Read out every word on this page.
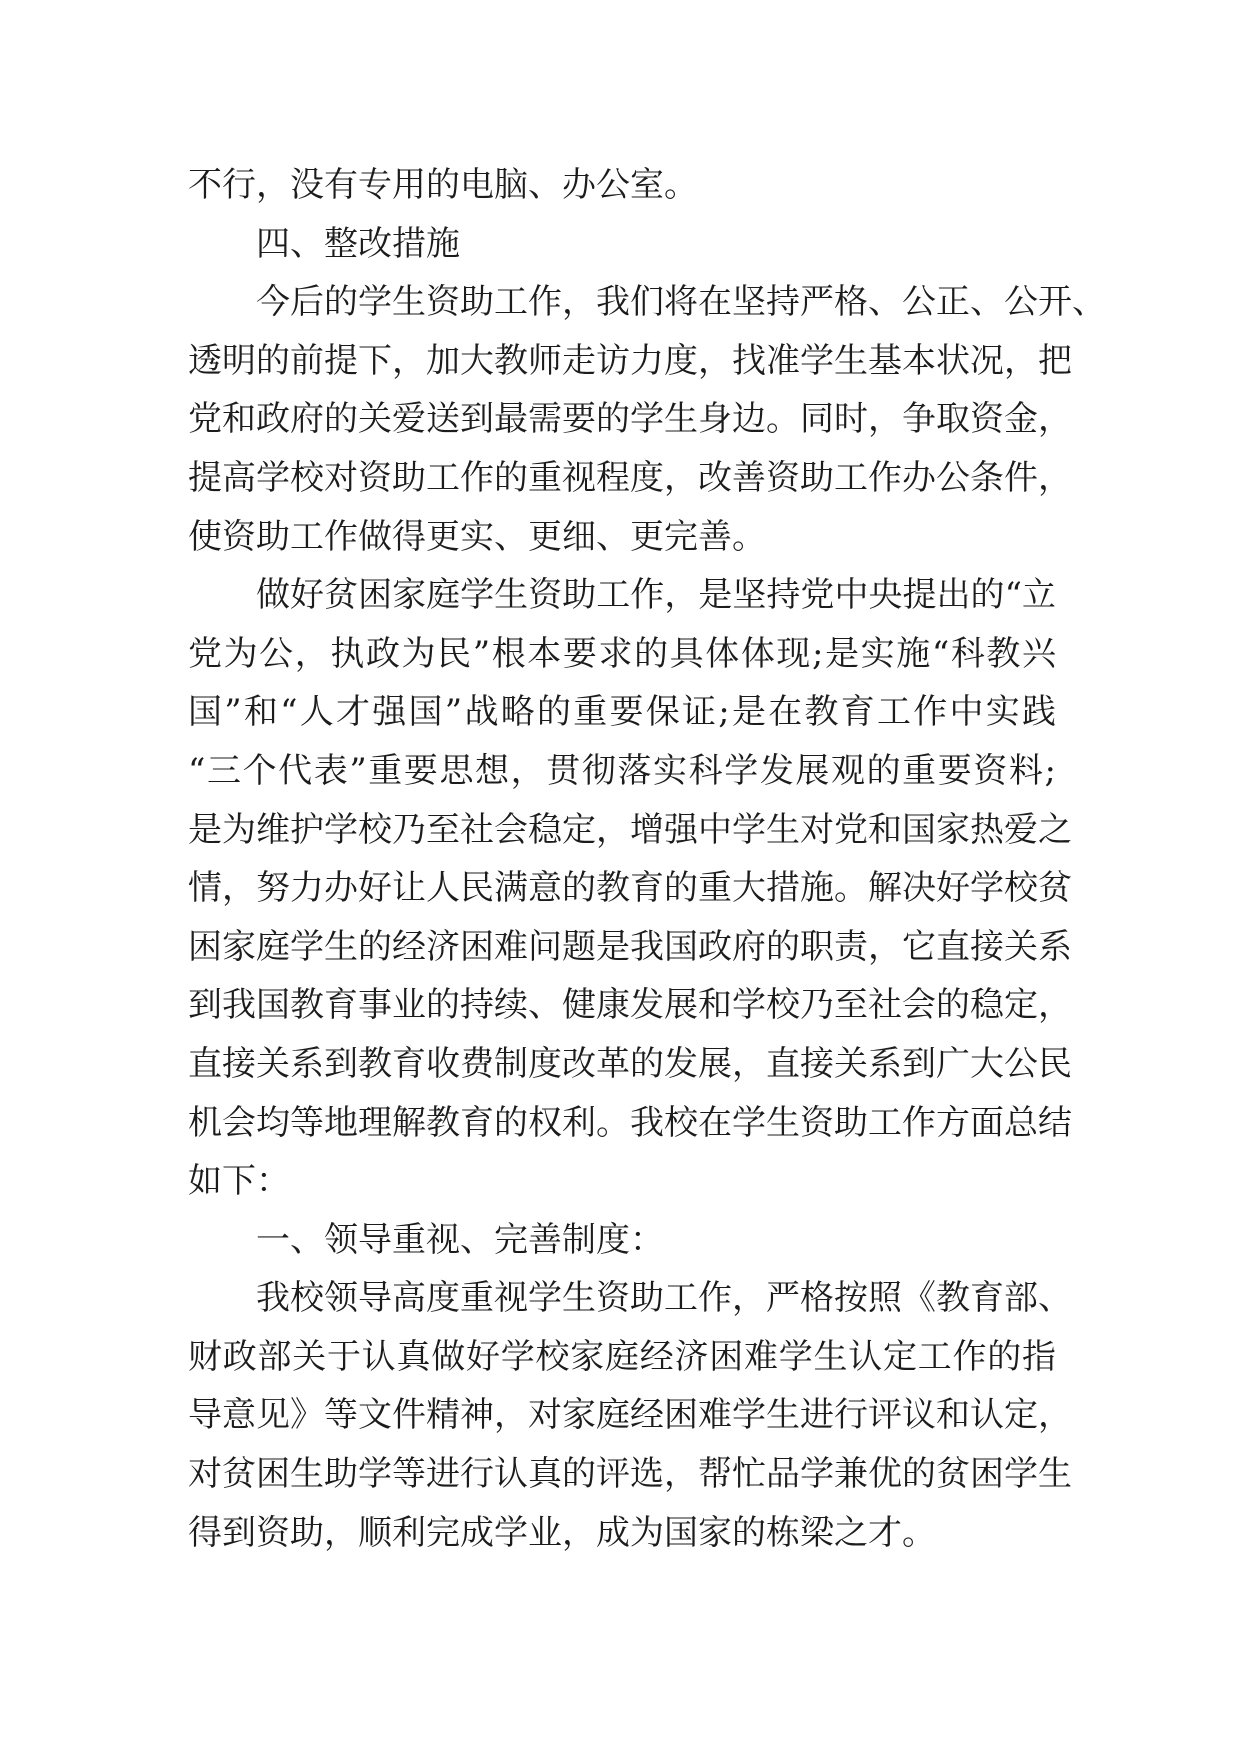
不行，没有专用的电脑、办公室。
四、整改措施
今后的学生资助工作，我们将在坚持严格、公正、公开、
透明的前提下，加大教师走访力度，找准学生基本状况，把
党和政府的关爱送到最需要的学生身边。同时，争取资金，
提高学校对资助工作的重视程度，改善资助工作办公条件，
使资助工作做得更实、更细、更完善。
做好贫困家庭学生资助工作，是坚持党中央提出的“立
党为公，执政为民”根本要求的具体体现;是实施“科教兴
国”和“人才强国”战略的重要保证;是在教育工作中实践
“三个代表”重要思想，贯彻落实科学发展观的重要资料;
是为维护学校乃至社会稳定，增强中学生对党和国家热爱之
情，努力办好让人民满意的教育的重大措施。解决好学校贫
困家庭学生的经济困难问题是我国政府的职责，它直接关系
到我国教育事业的持续、健康发展和学校乃至社会的稳定，
直接关系到教育收费制度改革的发展，直接关系到广大公民
机会均等地理解教育的权利。我校在学生资助工作方面总结
如下：
一、领导重视、完善制度：
我校领导高度重视学生资助工作，严格按照《教育部、
财政部关于认真做好学校家庭经济困难学生认定工作的指
导意见》等文件精神，对家庭经困难学生进行评议和认定，
对贫困生助学等进行认真的评选，帮忙品学兼优的贫困学生
得到资助，顺利完成学业，成为国家的栋梁之才。
